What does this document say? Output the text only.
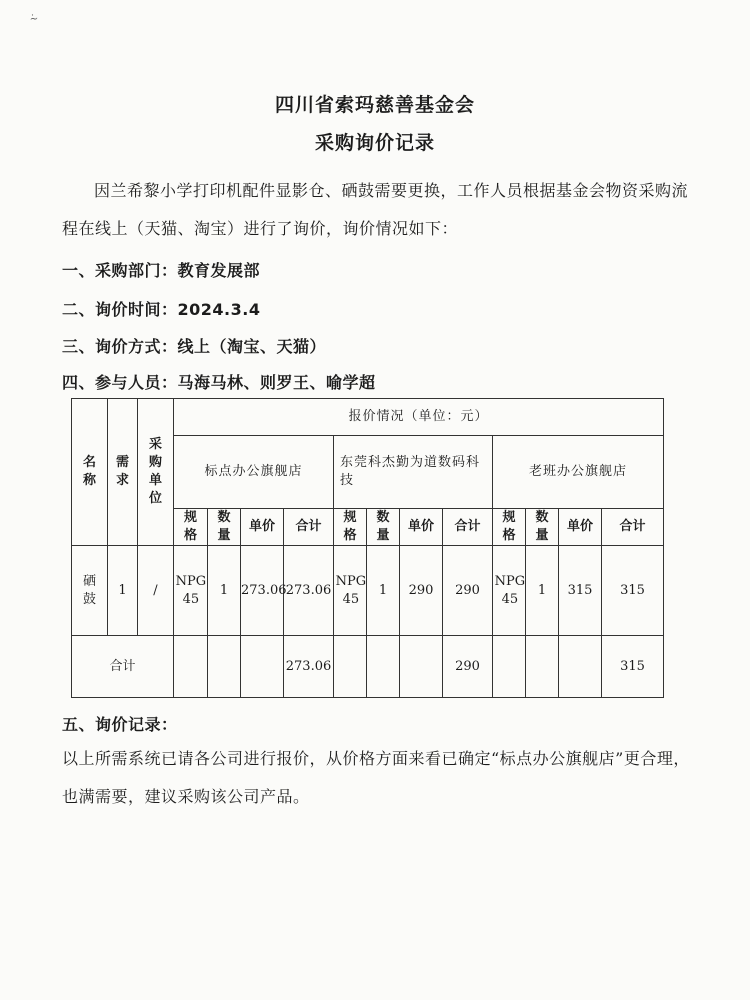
˙ ̴
四川省索玛慈善基金会
采购询价记录
因兰希黎小学打印机配件显影仓、硒鼓需要更换，工作人员根据基金会物资采购流程在线上（天猫、淘宝）进行了询价，询价情况如下：
一、采购部门：教育发展部
二、询价时间：2024.3.4
三、询价方式：线上（淘宝、天猫）
四、参与人员：马海马林、则罗王、喻学超
名称	需求	采购单位	报价情况（单位：元）											
			标点办公旗舰店				东莞科杰勤为道数码科技				老班办公旗舰店			
			规格	数量	单价	合计	规格	数量	单价	合计	规格	数量	单价	合计
硒鼓	1	/	NPG45	1	273.06	273.06	NPG45	1	290	290	NPG45	1	315	315
合计						273.06				290				315
五、询价记录：
以上所需系统已请各公司进行报价，从价格方面来看已确定“标点办公旗舰店”更合理，也满需要，建议采购该公司产品。
